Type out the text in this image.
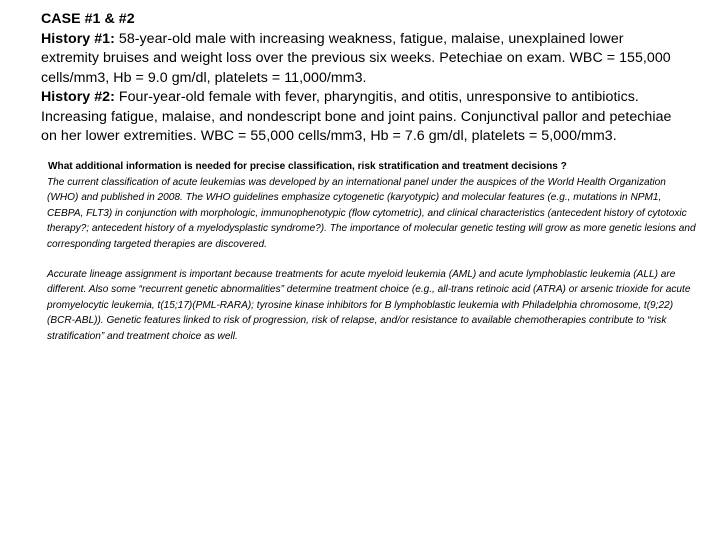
CASE #1 & #2
History #1: 58-year-old male with increasing weakness, fatigue, malaise, unexplained lower extremity bruises and weight loss over the previous six weeks. Petechiae on exam. WBC = 155,000 cells/mm3, Hb = 9.0 gm/dl, platelets = 11,000/mm3.
History #2: Four-year-old female with fever, pharyngitis, and otitis, unresponsive to antibiotics. Increasing fatigue, malaise, and nondescript bone and joint pains. Conjunctival pallor and petechiae on her lower extremities. WBC = 55,000 cells/mm3, Hb = 7.6 gm/dl, platelets = 5,000/mm3.
What additional information is needed for precise classification, risk stratification and treatment decisions ?
The current classification of acute leukemias was developed by an international panel under the auspices of the World Health Organization (WHO) and published in 2008. The WHO guidelines emphasize cytogenetic (karyotypic) and molecular features (e.g., mutations in NPM1, CEBPA, FLT3) in conjunction with morphologic, immunophenotypic (flow cytometric), and clinical characteristics (antecedent history of cytotoxic therapy?; antecedent history of a myelodysplastic syndrome?). The importance of molecular genetic testing will grow as more genetic lesions and corresponding targeted therapies are discovered.
Accurate lineage assignment is important because treatments for acute myeloid leukemia (AML) and acute lymphoblastic leukemia (ALL) are different. Also some “recurrent genetic abnormalities” determine treatment choice (e.g., all-trans retinoic acid (ATRA) or arsenic trioxide for acute promyelocytic leukemia, t(15;17)(PML-RARA); tyrosine kinase inhibitors for B lymphoblastic leukemia with Philadelphia chromosome, t(9;22)(BCR-ABL)). Genetic features linked to risk of progression, risk of relapse, and/or resistance to available chemotherapies contribute to “risk stratification” and treatment choice as well.
